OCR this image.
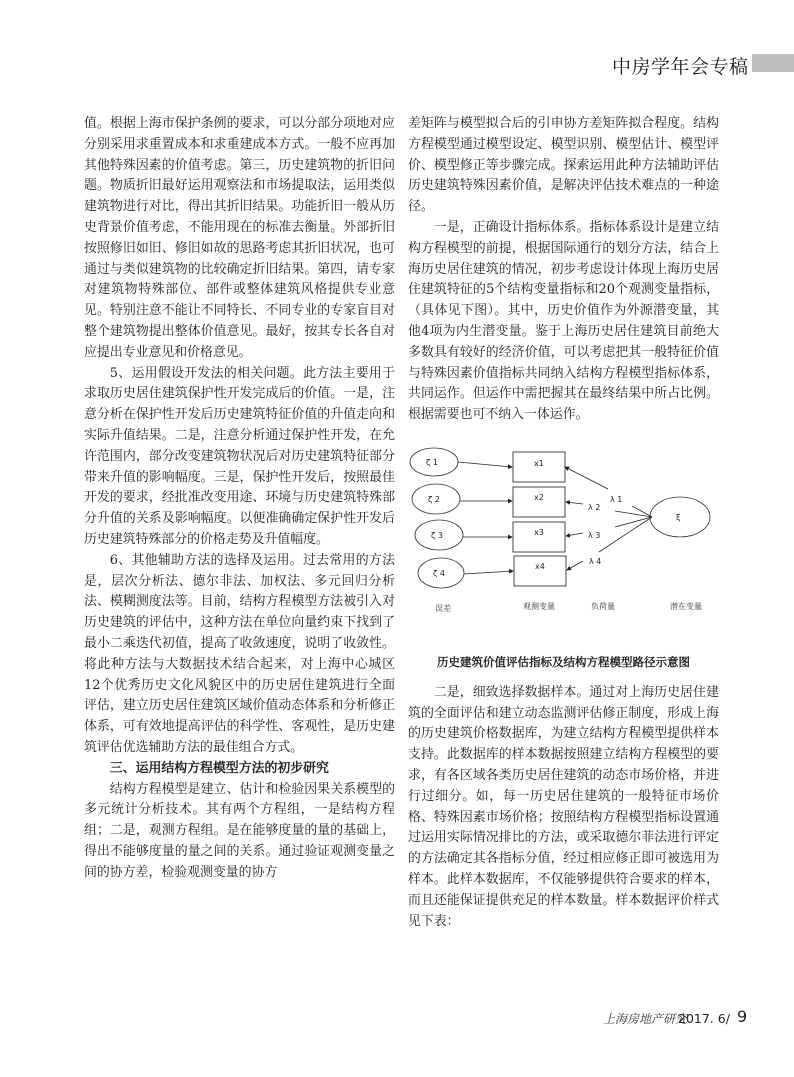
中房学年会专稿

值。根据上海市保护条例的要求，可以分部分项地对应分别采用求重置成本和求重建成本方式。一般不应再加其他特殊因素的价值考虑。第三，历史建筑物的折旧问题。物质折旧最好运用观察法和市场提取法，运用类似建筑物进行对比，得出其折旧结果。功能折旧一般从历史背景价值考虑，不能用现在的标准去衡量。外部折旧按照修旧如旧、修旧如故的思路考虑其折旧状况，也可通过与类似建筑物的比较确定折旧结果。第四，请专家对建筑物特殊部位、部件或整体建筑风格提供专业意见。特别注意不能让不同特长、不同专业的专家盲目对整个建筑物提出整体价值意见。最好，按其专长各自对应提出专业意见和价格意见。

5、运用假设开发法的相关问题。此方法主要用于求取历史居住建筑保护性开发完成后的价值。一是，注意分析在保护性开发后历史建筑特征价值的升值走向和实际升值结果。二是，注意分析通过保护性开发，在允许范围内，部分改变建筑物状况后对历史建筑特征部分带来升值的影响幅度。三是，保护性开发后，按照最佳开发的要求，经批准改变用途、环境与历史建筑特殊部分升值的关系及影响幅度。以便准确确定保护性开发后历史建筑特殊部分的价格走势及升值幅度。

6、其他辅助方法的选择及运用。过去常用的方法是，层次分析法、德尔非法、加权法、多元回归分析法、模糊测度法等。目前，结构方程模型方法被引入对历史建筑的评估中，这种方法在单位向量约束下找到了最小二乘迭代初值，提高了收敛速度，说明了收敛性。将此种方法与大数据技术结合起来，对上海中心城区12个优秀历史文化风貌区中的历史居住建筑进行全面评估，建立历史居住建筑区域价值动态体系和分析修正体系，可有效地提高评估的科学性、客观性，是历史建筑评估优选辅助方法的最佳组合方式。

三、运用结构方程模型方法的初步研究

结构方程模型是建立、估计和检验因果关系模型的多元统计分析技术。其有两个方程组，一是结构方程组；二是，观测方程组。是在能够度量的量的基础上，得出不能够度量的量之间的关系。通过验证观测变量之间的协方差，检验观测变量的协方

差矩阵与模型拟合后的引申协方差矩阵拟合程度。结构方程模型通过模型设定、模型识别、模型估计、模型评价、模型修正等步骤完成。探索运用此种方法辅助评估历史建筑特殊因素价值，是解决评估技术难点的一种途径。

一是，正确设计指标体系。指标体系设计是建立结构方程模型的前提，根据国际通行的划分方法，结合上海历史居住建筑的情况，初步考虑设计体现上海历史居住建筑特征的5个结构变量指标和20个观测变量指标，（具体见下图）。其中，历史价值作为外源潜变量，其他4项为内生潜变量。鉴于上海历史居住建筑目前绝大多数具有较好的经济价值，可以考虑把其一般特征价值与特殊因素价值指标共同纳入结构方程模型指标体系，共同运作。但运作中需把握其在最终结果中所占比例。根据需要也可不纳入一体运作。

ζ 1
ζ 2
ζ 3
ζ 4
x1
x2
x3
x4
ξ
λ 1
λ 2
λ 3
λ 4
误差	观测变量	负荷量	潜在变量
历史建筑价值评估指标及结构方程模型路径示意图

二是，细致选择数据样本。通过对上海历史居住建筑的全面评估和建立动态监测评估修正制度，形成上海的历史建筑价格数据库，为建立结构方程模型提供样本支持。此数据库的样本数据按照建立结构方程模型的要求，有各区域各类历史居住建筑的动态市场价格，并进行过细分。如，每一历史居住建筑的一般特征市场价格、特殊因素市场价格；按照结构方程模型指标设置通过运用实际情况排比的方法，或采取德尔菲法进行评定的方法确定其各指标分值，经过相应修正即可被选用为样本。此样本数据库，不仅能够提供符合要求的样本，而且还能保证提供充足的样本数量。样本数据评价样式见下表：

上海房地产研究
2017. 6/ 9
